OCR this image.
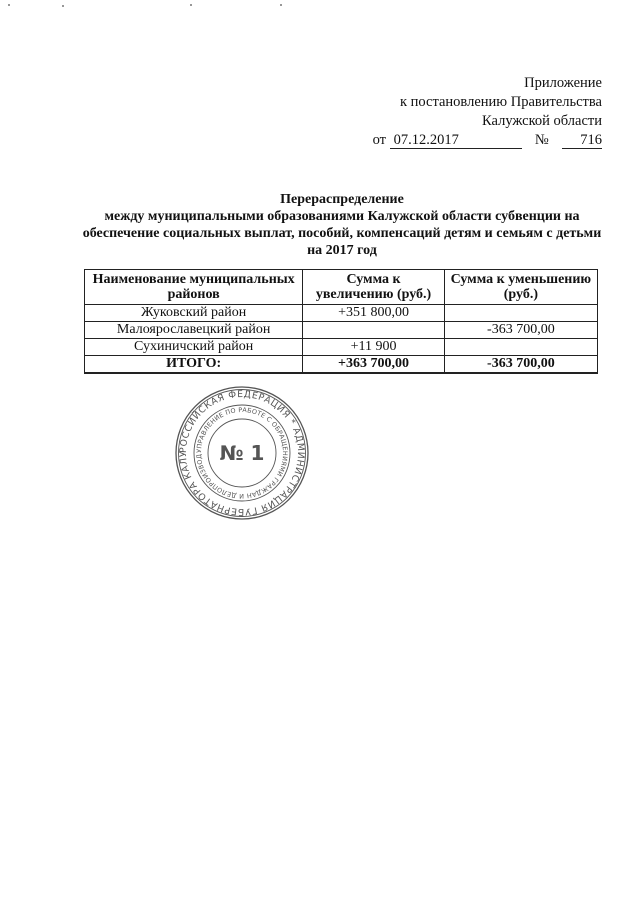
Приложение
к постановлению Правительства
Калужской области
от 07.12.2017	№ 716
Перераспределение
между муниципальными образованиями Калужской области субвенции на
обеспечение социальных выплат, пособий, компенсаций детям и семьям с детьми
на 2017 год
Наименование муниципальных районов	Сумма к увеличению (руб.)	Сумма к уменьшению (руб.)
Жуковский район	+351 800,00	
Малоярославецкий район		-363 700,00
Сухиничский район	+11 900	
ИТОГО:	+363 700,00	-363 700,00
РОССИЙСКАЯ ФЕДЕРАЦИЯ * АДМИНИСТРАЦИЯ ГУБЕРНАТОРА КАЛУ УПРАВЛЕНИЕ ПО РАБОТЕ С ОБРАЩЕНИЯМИ ГРАЖДАН И ДЕЛОПРОИЗВОД № 1
